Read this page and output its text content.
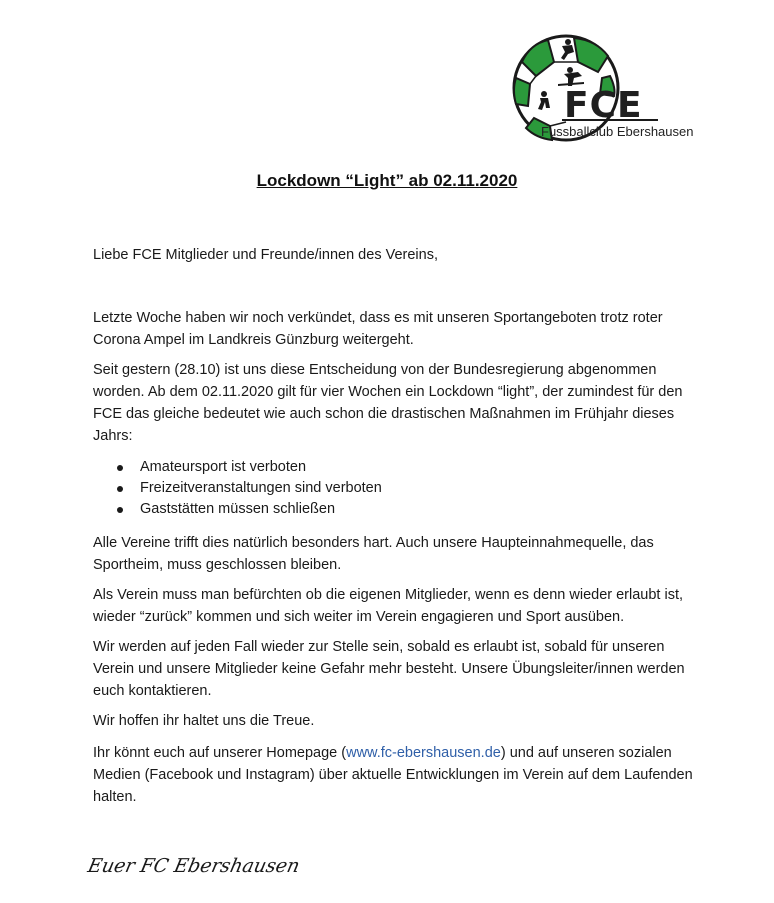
FCE
Fussballclub Ebershausen
Lockdown “Light” ab 02.11.2020

Liebe FCE Mitglieder und Freunde/innen des Vereins,

Letzte Woche haben wir noch verkündet, dass es mit unseren Sportangeboten trotz roter Corona Ampel im Landkreis Günzburg weitergeht.

Seit gestern (28.10) ist uns diese Entscheidung von der Bundesregierung abgenommen worden. Ab dem 02.11.2020 gilt für vier Wochen ein Lockdown “light”, der zumindest für den FCE das gleiche bedeutet wie auch schon die drastischen Maßnahmen im Frühjahr dieses Jahrs:

Amateursport ist verboten
Freizeitveranstaltungen sind verboten
Gaststätten müssen schließen

Alle Vereine trifft dies natürlich besonders hart. Auch unsere Haupteinnahmequelle, das Sportheim, muss geschlossen bleiben.

Als Verein muss man befürchten ob die eigenen Mitglieder, wenn es denn wieder erlaubt ist, wieder “zurück” kommen und sich weiter im Verein engagieren und Sport ausüben.

Wir werden auf jeden Fall wieder zur Stelle sein, sobald es erlaubt ist, sobald für unseren Verein und unsere Mitglieder keine Gefahr mehr besteht. Unsere Übungsleiter/innen werden euch kontaktieren.

Wir hoffen ihr haltet uns die Treue.

Ihr könnt euch auf unserer Homepage (www.fc-ebershausen.de) und auf unseren sozialen Medien (Facebook und Instagram) über aktuelle Entwicklungen im Verein auf dem Laufenden halten.

Euer FC Ebershausen
